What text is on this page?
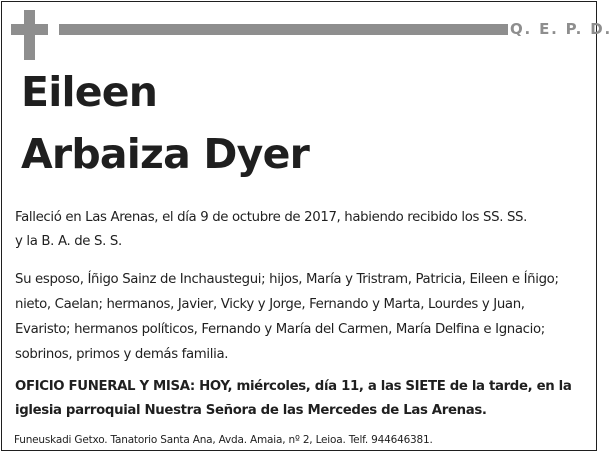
Q. E. P. D.
Eileen
Arbaiza Dyer
Falleció en Las Arenas, el día 9 de octubre de 2017, habiendo recibido los SS. SS.
y la B. A. de S. S.
Su esposo, Íñigo Sainz de Inchaustegui; hijos, María y Tristram, Patricia, Eileen e Íñigo;
nieto, Caelan; hermanos, Javier, Vicky y Jorge, Fernando y Marta, Lourdes y Juan,
Evaristo; hermanos políticos, Fernando y María del Carmen, María Delfina e Ignacio;
sobrinos, primos y demás familia.
OFICIO FUNERAL Y MISA: HOY, miércoles, día 11, a las SIETE de la tarde, en la
iglesia parroquial Nuestra Señora de las Mercedes de Las Arenas.
Funeuskadi Getxo. Tanatorio Santa Ana, Avda. Amaia, nº 2, Leioa. Telf. 944646381.
